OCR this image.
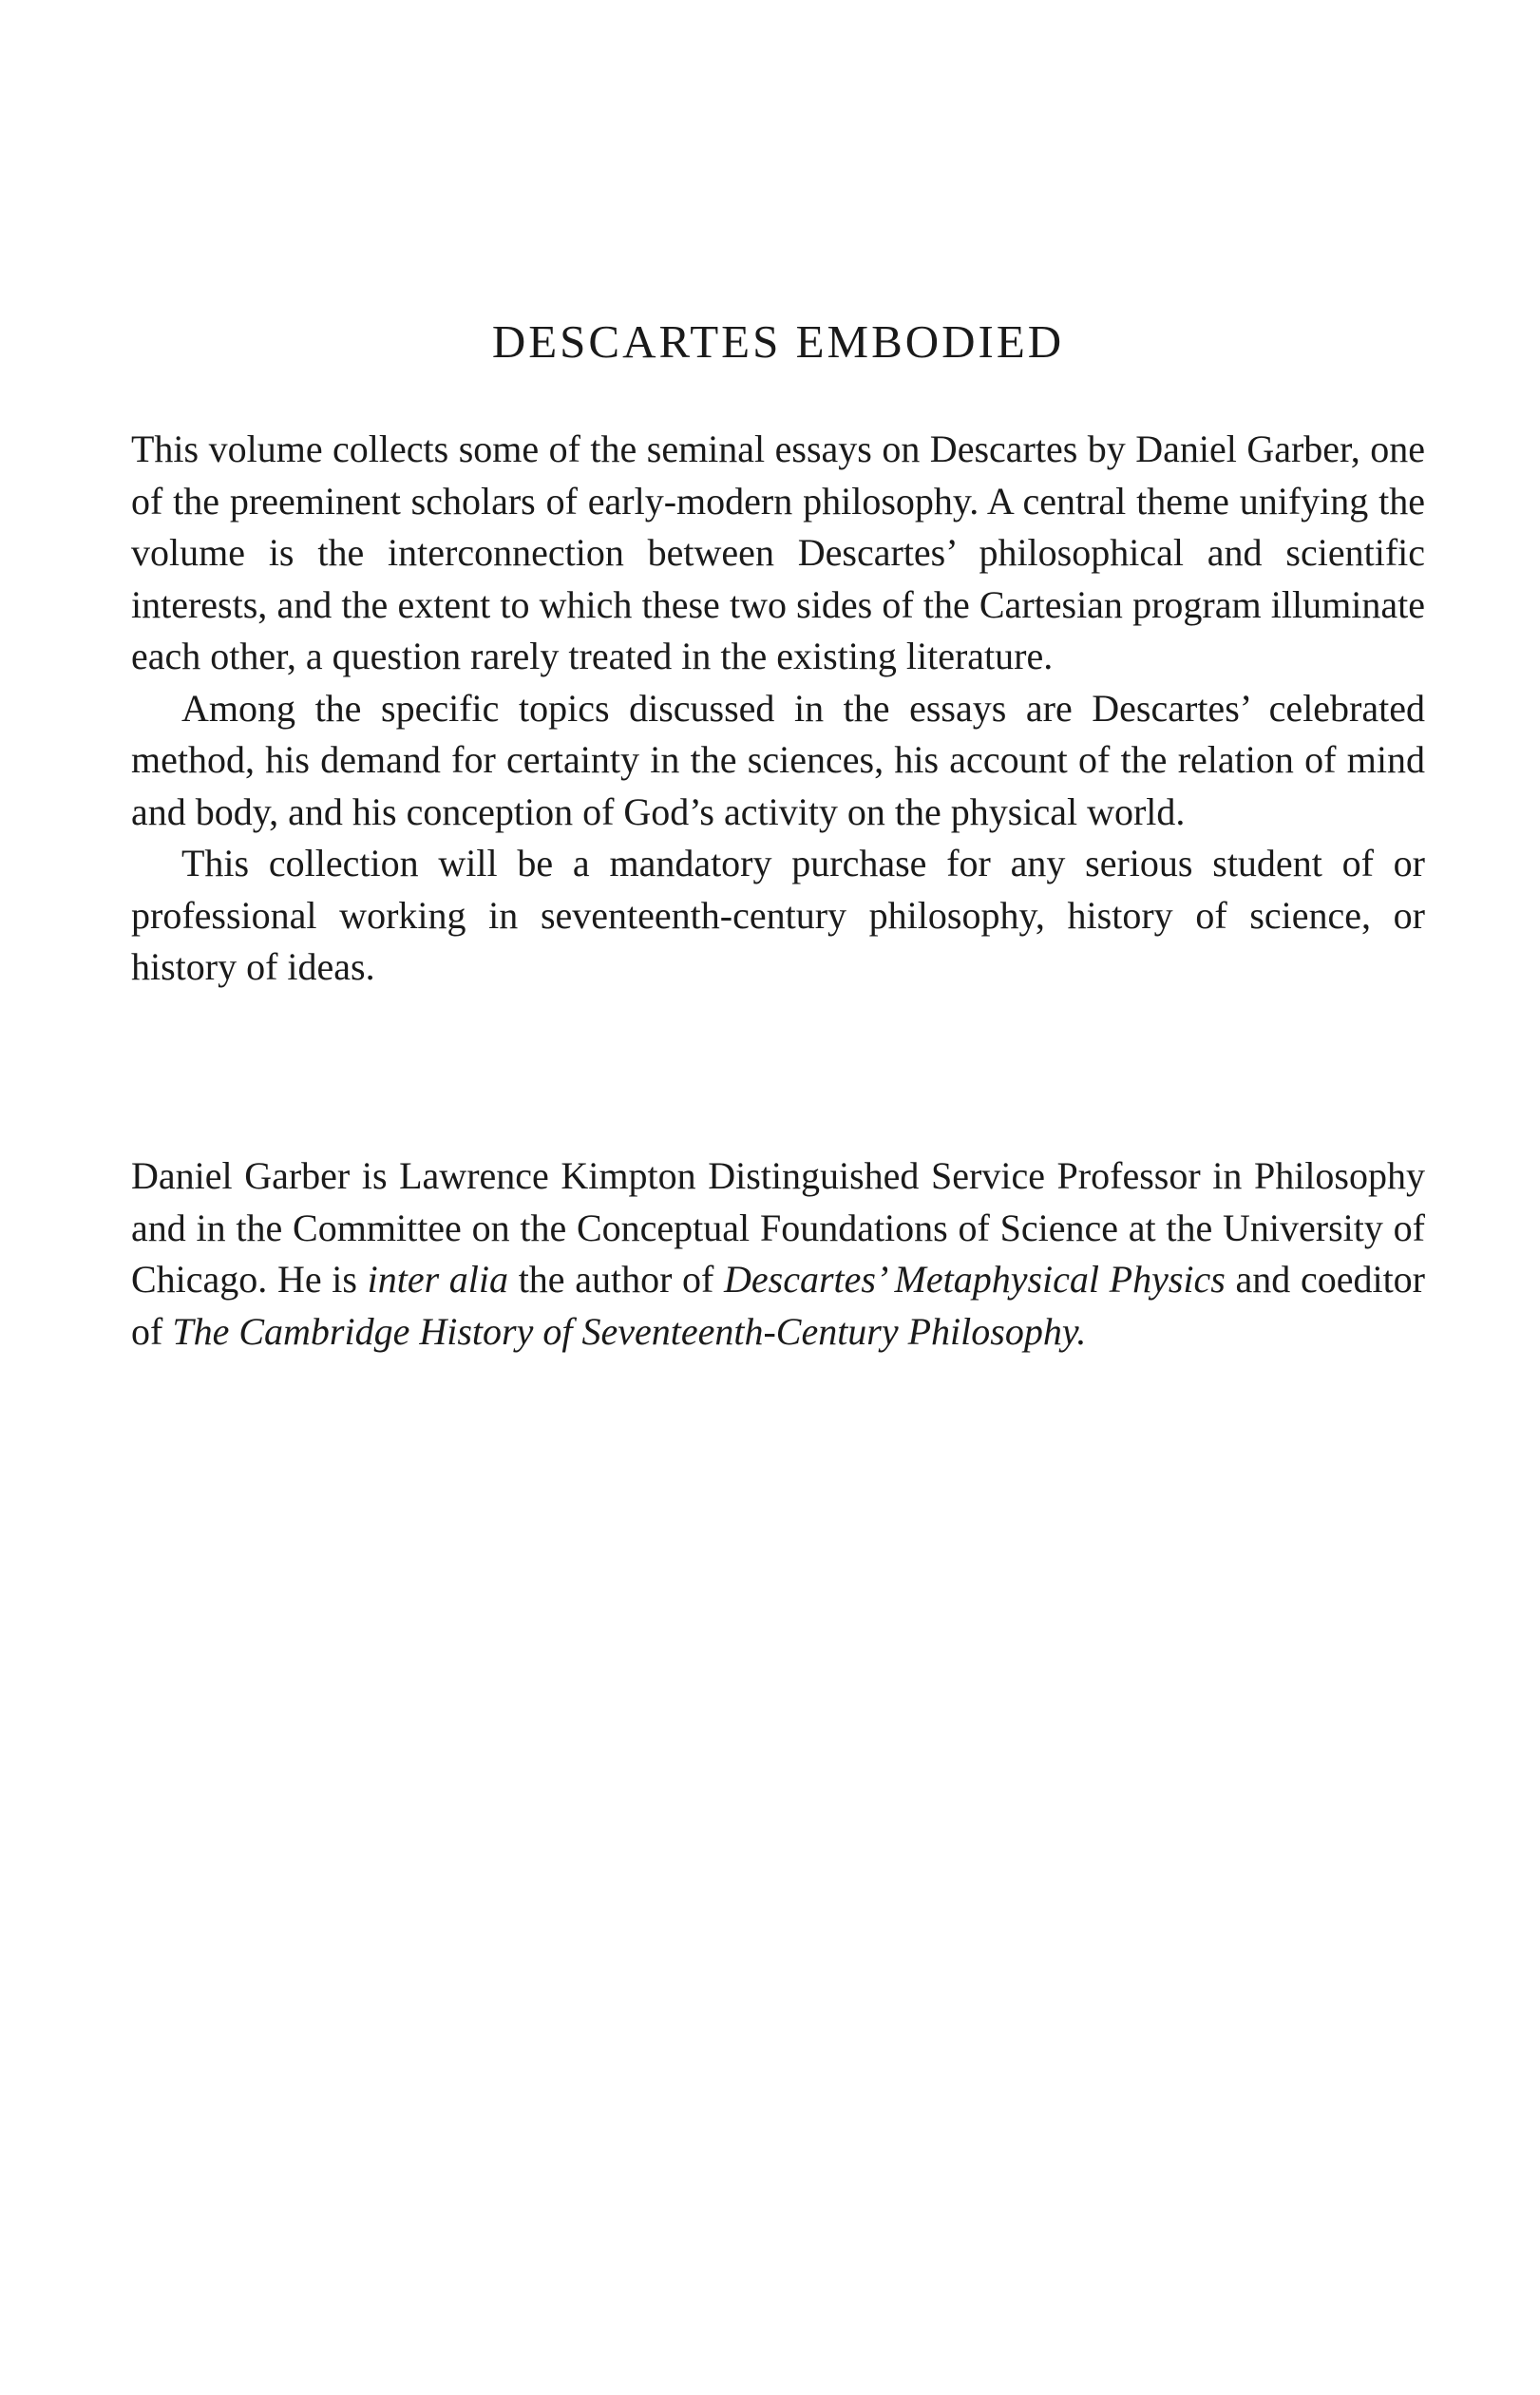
DESCARTES EMBODIED

This volume collects some of the seminal essays on Descartes by Daniel Garber, one of the preeminent scholars of early-modern philosophy. A central theme unifying the volume is the interconnection between Descartes’ philosophical and scientific interests, and the extent to which these two sides of the Cartesian program illuminate each other, a question rarely treated in the existing literature.

Among the specific topics discussed in the essays are Descartes’ celebrated method, his demand for certainty in the sciences, his account of the relation of mind and body, and his conception of God’s activity on the physical world.

This collection will be a mandatory purchase for any serious student of or professional working in seventeenth-century philosophy, history of science, or history of ideas.

Daniel Garber is Lawrence Kimpton Distinguished Service Professor in Philosophy and in the Committee on the Conceptual Foundations of Science at the University of Chicago. He is inter alia the author of Descartes’ Metaphysical Physics and coeditor of The Cambridge History of Seventeenth-Century Philosophy.
